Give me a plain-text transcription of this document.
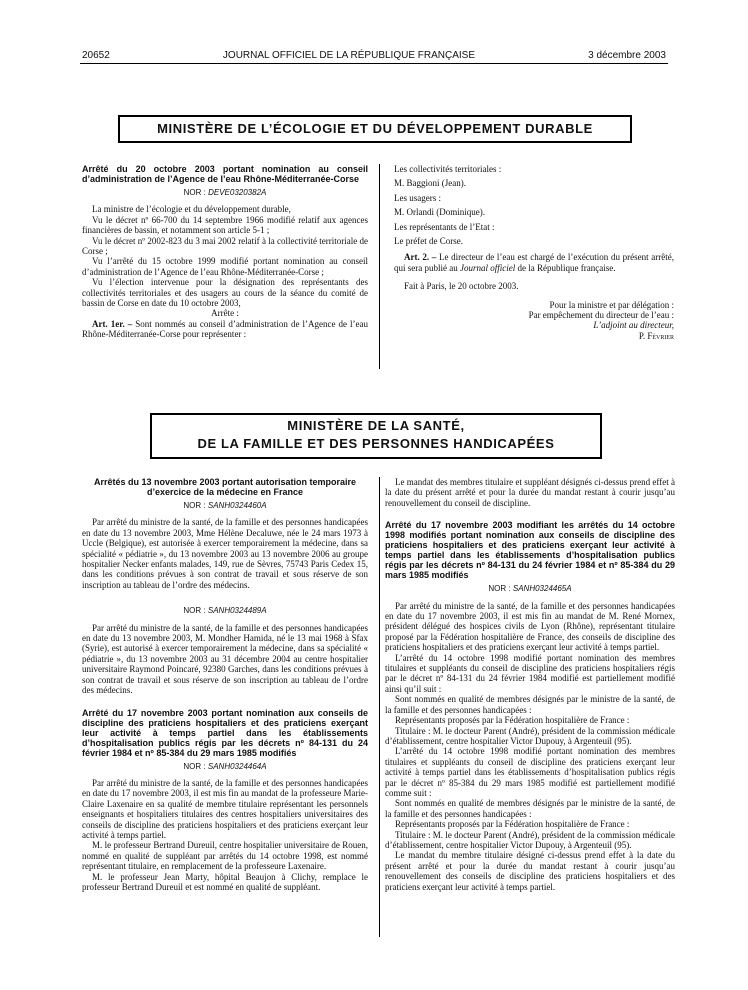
20652	JOURNAL OFFICIEL DE LA RÉPUBLIQUE FRANÇAISE	3 décembre 2003
MINISTÈRE DE L’ÉCOLOGIE ET DU DÉVELOPPEMENT DURABLE

Arrêté du 20 octobre 2003 portant nomination au conseil d’administration de l’Agence de l’eau Rhône-Méditerranée-Corse

NOR : DEVE0320382A

La ministre de l’écologie et du développement durable,

Vu le décret nº 66-700 du 14 septembre 1966 modifié relatif aux agences financières de bassin, et notamment son article 5-1 ;

Vu le décret nº 2002-823 du 3 mai 2002 relatif à la collectivité territoriale de Corse ;

Vu l’arrêté du 15 octobre 1999 modifié portant nomination au conseil d’administration de l’Agence de l’eau Rhône-Méditerranée-Corse ;

Vu l’élection intervenue pour la désignation des représentants des collectivités territoriales et des usagers au cours de la séance du comité de bassin de Corse en date du 10 octobre 2003,

Arrête :

Art. 1er. – Sont nommés au conseil d’administration de l’Agence de l’eau Rhône-Méditerranée-Corse pour représenter :

Les collectivités territoriales :

M. Baggioni (Jean).

Les usagers :

M. Orlandi (Dominique).

Les représentants de l’Etat :

Le préfet de Corse.

Art. 2. – Le directeur de l’eau est chargé de l’exécution du présent arrêté, qui sera publié au Journal officiel de la République française.

Fait à Paris, le 20 octobre 2003.

Pour la ministre et par délégation :

Par empêchement du directeur de l’eau :

L’adjoint au directeur,

P. Février

MINISTÈRE DE LA SANTÉ,
DE LA FAMILLE ET DES PERSONNES HANDICAPÉES

Arrêtés du 13 novembre 2003 portant autorisation temporaire d’exercice de la médecine en France

NOR : SANH0324460A

Par arrêté du ministre de la santé, de la famille et des personnes handicapées en date du 13 novembre 2003, Mme Hélène Decaluwe, née le 24 mars 1973 à Uccle (Belgique), est autorisée à exercer temporairement la médecine, dans sa spécialité « pédiatrie », du 13 novembre 2003 au 13 novembre 2006 au groupe hospitalier Necker enfants malades, 149, rue de Sèvres, 75743 Paris Cedex 15, dans les conditions prévues à son contrat de travail et sous réserve de son inscription au tableau de l’ordre des médecins.

NOR : SANH0324489A

Par arrêté du ministre de la santé, de la famille et des personnes handicapées en date du 13 novembre 2003, M. Mondher Hamida, né le 13 mai 1968 à Sfax (Syrie), est autorisé à exercer temporairement la médecine, dans sa spécialité « pédiatrie », du 13 novembre 2003 au 31 décembre 2004 au centre hospitalier universitaire Raymond Poincaré, 92380 Garches, dans les conditions prévues à son contrat de travail et sous réserve de son inscription au tableau de l’ordre des médecins.

Arrêté du 17 novembre 2003 portant nomination aux conseils de discipline des praticiens hospitaliers et des praticiens exerçant leur activité à temps partiel dans les établissements d’hospitalisation publics régis par les décrets nº 84-131 du 24 février 1984 et nº 85-384 du 29 mars 1985 modifiés

NOR : SANH0324464A

Par arrêté du ministre de la santé, de la famille et des personnes handicapées en date du 17 novembre 2003, il est mis fin au mandat de la professeure Marie-Claire Laxenaire en sa qualité de membre titulaire représentant les personnels enseignants et hospitaliers titulaires des centres hospitaliers universitaires des conseils de discipline des praticiens hospitaliers et des praticiens exerçant leur activité à temps partiel.

M. le professeur Bertrand Dureuil, centre hospitalier universitaire de Rouen, nommé en qualité de suppléant par arrêtés du 14 octobre 1998, est nommé représentant titulaire, en remplacement de la professeure Laxenaire.

M. le professeur Jean Marty, hôpital Beaujon à Clichy, remplace le professeur Bertrand Dureuil et est nommé en qualité de suppléant.

Le mandat des membres titulaire et suppléant désignés ci-dessus prend effet à la date du présent arrêté et pour la durée du mandat restant à courir jusqu’au renouvellement du conseil de discipline.

Arrêté du 17 novembre 2003 modifiant les arrêtés du 14 octobre 1998 modifiés portant nomination aux conseils de discipline des praticiens hospitaliers et des praticiens exerçant leur activité à temps partiel dans les établissements d’hospitalisation publics régis par les décrets nº 84-131 du 24 février 1984 et nº 85-384 du 29 mars 1985 modifiés

NOR : SANH0324465A

Par arrêté du ministre de la santé, de la famille et des personnes handicapées en date du 17 novembre 2003, il est mis fin au mandat de M. René Mornex, président délégué des hospices civils de Lyon (Rhône), représentant titulaire proposé par la Fédération hospitalière de France, des conseils de discipline des praticiens hospitaliers et des praticiens exerçant leur activité à temps partiel.

L’arrêté du 14 octobre 1998 modifié portant nomination des membres titulaires et suppléants du conseil de discipline des praticiens hospitaliers régis par le décret nº 84-131 du 24 février 1984 modifié est partiellement modifié ainsi qu’il suit :

Sont nommés en qualité de membres désignés par le ministre de la santé, de la famille et des personnes handicapées :

Représentants proposés par la Fédération hospitalière de France :

Titulaire : M. le docteur Parent (André), président de la commission médicale d’établissement, centre hospitalier Victor Dupouy, à Argenteuil (95).

L’arrêté du 14 octobre 1998 modifié portant nomination des membres titulaires et suppléants du conseil de discipline des praticiens exerçant leur activité à temps partiel dans les établissements d’hospitalisation publics régis par le décret nº 85-384 du 29 mars 1985 modifié est partiellement modifié comme suit :

Sont nommés en qualité de membres désignés par le ministre de la santé, de la famille et des personnes handicapées :

Représentants proposés par la Fédération hospitalière de France :

Titulaire : M. le docteur Parent (André), président de la commission médicale d’établissement, centre hospitalier Victor Dupouy, à Argenteuil (95).

Le mandat du membre titulaire désigné ci-dessus prend effet à la date du présent arrêté et pour la durée du mandat restant à courir jusqu’au renouvellement des conseils de discipline des praticiens hospitaliers et des praticiens exerçant leur activité à temps partiel.
